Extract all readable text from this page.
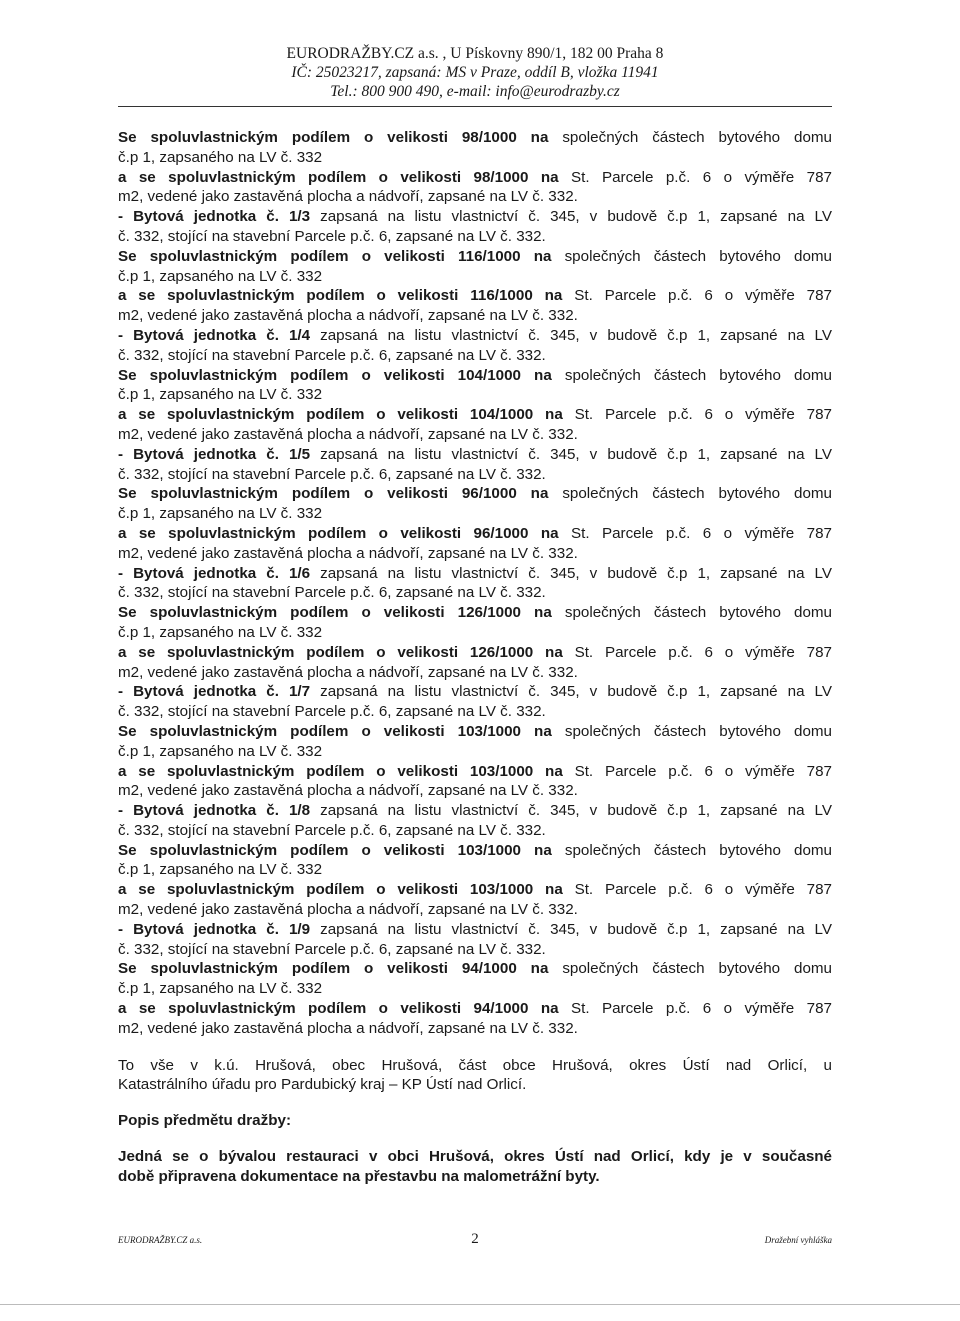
EURODRAŽBY.CZ a.s. , U Pískovny 890/1, 182 00 Praha 8
IČ: 25023217, zapsaná: MS v Praze, oddíl B, vložka 11941
Tel.: 800 900 490, e-mail: info@eurodrazby.cz
Se spoluvlastnickým podílem o velikosti 98/1000 na společných částech bytového domu
č.p 1, zapsaného na LV č. 332
a se spoluvlastnickým podílem o velikosti 98/1000 na St. Parcele p.č. 6 o výměře 787
m2, vedené jako zastavěná plocha a nádvoří, zapsané na LV č. 332.
- Bytová jednotka č. 1/3 zapsaná na listu vlastnictví č. 345, v budově č.p 1, zapsané na LV
č. 332, stojící na stavební Parcele p.č. 6, zapsané na LV č. 332.
Se spoluvlastnickým podílem o velikosti 116/1000 na společných částech bytového domu
č.p 1, zapsaného na LV č. 332
a se spoluvlastnickým podílem o velikosti 116/1000 na St. Parcele p.č. 6 o výměře 787
m2, vedené jako zastavěná plocha a nádvoří, zapsané na LV č. 332.
- Bytová jednotka č. 1/4 zapsaná na listu vlastnictví č. 345, v budově č.p 1, zapsané na LV
č. 332, stojící na stavební Parcele p.č. 6, zapsané na LV č. 332.
Se spoluvlastnickým podílem o velikosti 104/1000 na společných částech bytového domu
č.p 1, zapsaného na LV č. 332
a se spoluvlastnickým podílem o velikosti 104/1000 na St. Parcele p.č. 6 o výměře 787
m2, vedené jako zastavěná plocha a nádvoří, zapsané na LV č. 332.
- Bytová jednotka č. 1/5 zapsaná na listu vlastnictví č. 345, v budově č.p 1, zapsané na LV
č. 332, stojící na stavební Parcele p.č. 6, zapsané na LV č. 332.
Se spoluvlastnickým podílem o velikosti 96/1000 na společných částech bytového domu
č.p 1, zapsaného na LV č. 332
a se spoluvlastnickým podílem o velikosti 96/1000 na St. Parcele p.č. 6 o výměře 787
m2, vedené jako zastavěná plocha a nádvoří, zapsané na LV č. 332.
- Bytová jednotka č. 1/6 zapsaná na listu vlastnictví č. 345, v budově č.p 1, zapsané na LV
č. 332, stojící na stavební Parcele p.č. 6, zapsané na LV č. 332.
Se spoluvlastnickým podílem o velikosti 126/1000 na společných částech bytového domu
č.p 1, zapsaného na LV č. 332
a se spoluvlastnickým podílem o velikosti 126/1000 na St. Parcele p.č. 6 o výměře 787
m2, vedené jako zastavěná plocha a nádvoří, zapsané na LV č. 332.
- Bytová jednotka č. 1/7 zapsaná na listu vlastnictví č. 345, v budově č.p 1, zapsané na LV
č. 332, stojící na stavební Parcele p.č. 6, zapsané na LV č. 332.
Se spoluvlastnickým podílem o velikosti 103/1000 na společných částech bytového domu
č.p 1, zapsaného na LV č. 332
a se spoluvlastnickým podílem o velikosti 103/1000 na St. Parcele p.č. 6 o výměře 787
m2, vedené jako zastavěná plocha a nádvoří, zapsané na LV č. 332.
- Bytová jednotka č. 1/8 zapsaná na listu vlastnictví č. 345, v budově č.p 1, zapsané na LV
č. 332, stojící na stavební Parcele p.č. 6, zapsané na LV č. 332.
Se spoluvlastnickým podílem o velikosti 103/1000 na společných částech bytového domu
č.p 1, zapsaného na LV č. 332
a se spoluvlastnickým podílem o velikosti 103/1000 na St. Parcele p.č. 6 o výměře 787
m2, vedené jako zastavěná plocha a nádvoří, zapsané na LV č. 332.
- Bytová jednotka č. 1/9 zapsaná na listu vlastnictví č. 345, v budově č.p 1, zapsané na LV
č. 332, stojící na stavební Parcele p.č. 6, zapsané na LV č. 332.
Se spoluvlastnickým podílem o velikosti 94/1000 na společných částech bytového domu
č.p 1, zapsaného na LV č. 332
a se spoluvlastnickým podílem o velikosti 94/1000 na St. Parcele p.č. 6 o výměře 787
m2, vedené jako zastavěná plocha a nádvoří, zapsané na LV č. 332.
To vše v k.ú. Hrušová, obec Hrušová, část obce Hrušová, okres Ústí nad Orlicí, u
Katastrálního úřadu pro Pardubický kraj – KP Ústí nad Orlicí.
Popis předmětu dražby:
Jedná se o bývalou restauraci v obci Hrušová, okres Ústí nad Orlicí, kdy je v současné
době připravena dokumentace na přestavbu na malometrážní byty.
EURODRAŽBY.CZ a.s.	2	Dražební vyhláška
